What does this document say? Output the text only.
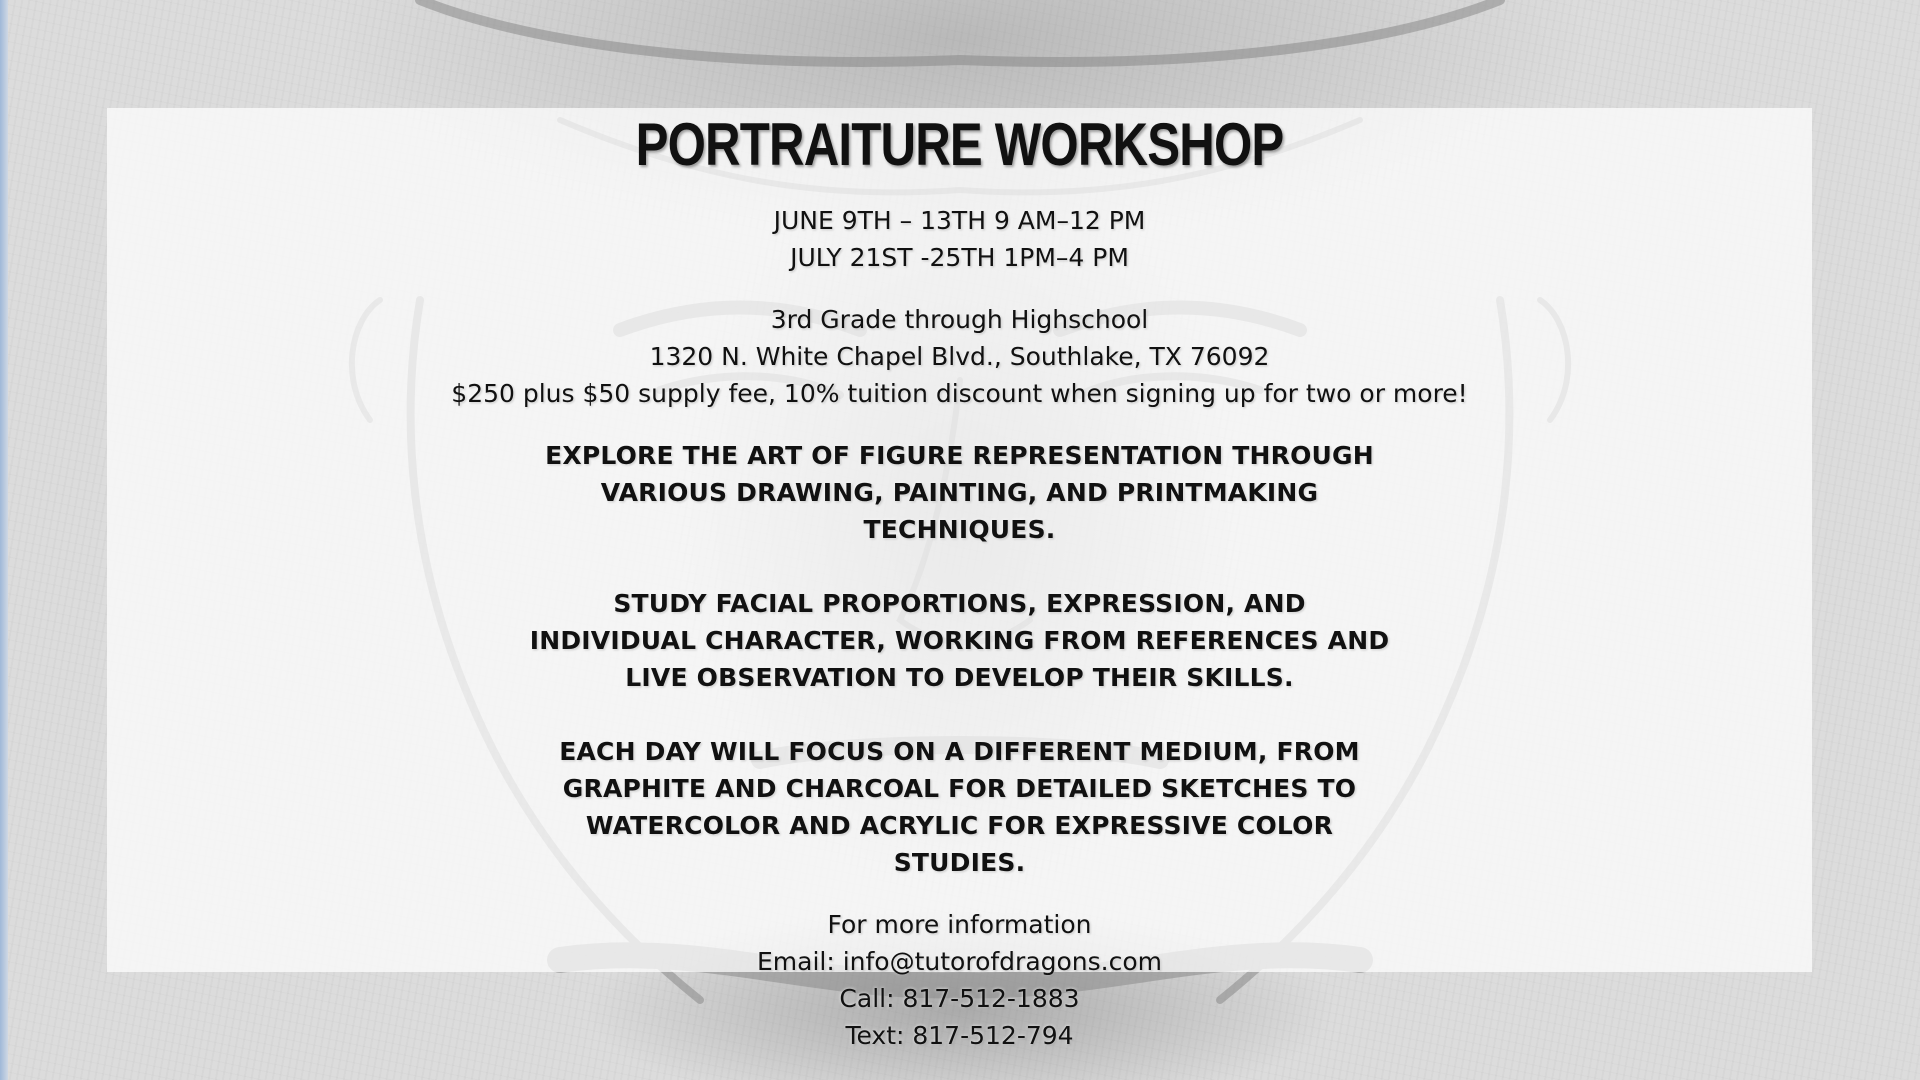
PORTRAITURE WORKSHOP

JUNE 9TH – 13TH 9 AM–12 PM

JULY 21ST -25TH 1PM–4 PM

3rd Grade through Highschool

1320 N. White Chapel Blvd., Southlake, TX 76092

$250 plus $50 supply fee, 10% tuition discount when signing up for two or more!

EXPLORE THE ART OF FIGURE REPRESENTATION THROUGH VARIOUS DRAWING, PAINTING, AND PRINTMAKING TECHNIQUES.

STUDY FACIAL PROPORTIONS, EXPRESSION, AND INDIVIDUAL CHARACTER, WORKING FROM REFERENCES AND LIVE OBSERVATION TO DEVELOP THEIR SKILLS.

EACH DAY WILL FOCUS ON A DIFFERENT MEDIUM, FROM GRAPHITE AND CHARCOAL FOR DETAILED SKETCHES TO WATERCOLOR AND ACRYLIC FOR EXPRESSIVE COLOR STUDIES.

For more information

Email: info@tutorofdragons.com

Call: 817-512-1883

Text: 817-512-794
